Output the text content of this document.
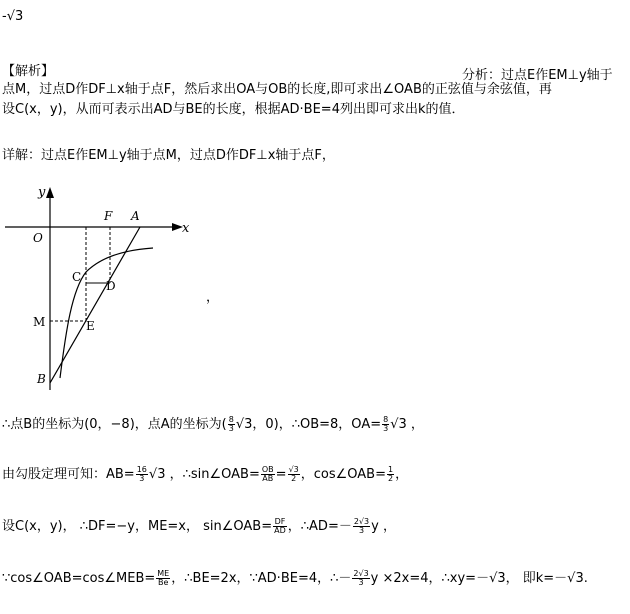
-√3
【解析】	分析：过点E作EM⊥y轴于
点M，过点D作DF⊥x轴于点F，然后求出OA与OB的长度,即可求出∠OAB的正弦值与余弦值，再
设C(x，y)，从而可表示出AD与BE的长度，根据AD·BE=4列出即可求出k的值．
详解：过点E作EM⊥y轴于点M，过点D作DF⊥x轴于点F，
y
x
O
F A
C
D
M	E
B
，
∴点B的坐标为(0，−8)，点A的坐标为( $\frac{8}{3} √3$，0)，∴OB=8，$OA= \frac{8}{3} √3$ ，
由勾股定理可知：$AB= \frac{16}{3} √3$ ，∴sin∠OAB= $\frac{OB}{AB} = \frac{√3}{2}$ ，cos∠OAB= $\frac{1}{2}$ ，
设C(x，y)， ∴DF=−y，ME=x， sin∠OAB= $\frac{DF}{AD}$ ，∴AD=－ $\frac{2√3}{3}$ y ，
∵cos∠OAB=cos∠MEB= $\frac{ME}{Be}$ ，∴BE=2x，∵AD·BE=4，∴－ $\frac{2√3}{3}$ y ×2x=4，∴xy=－√3， 即k=－√3.
